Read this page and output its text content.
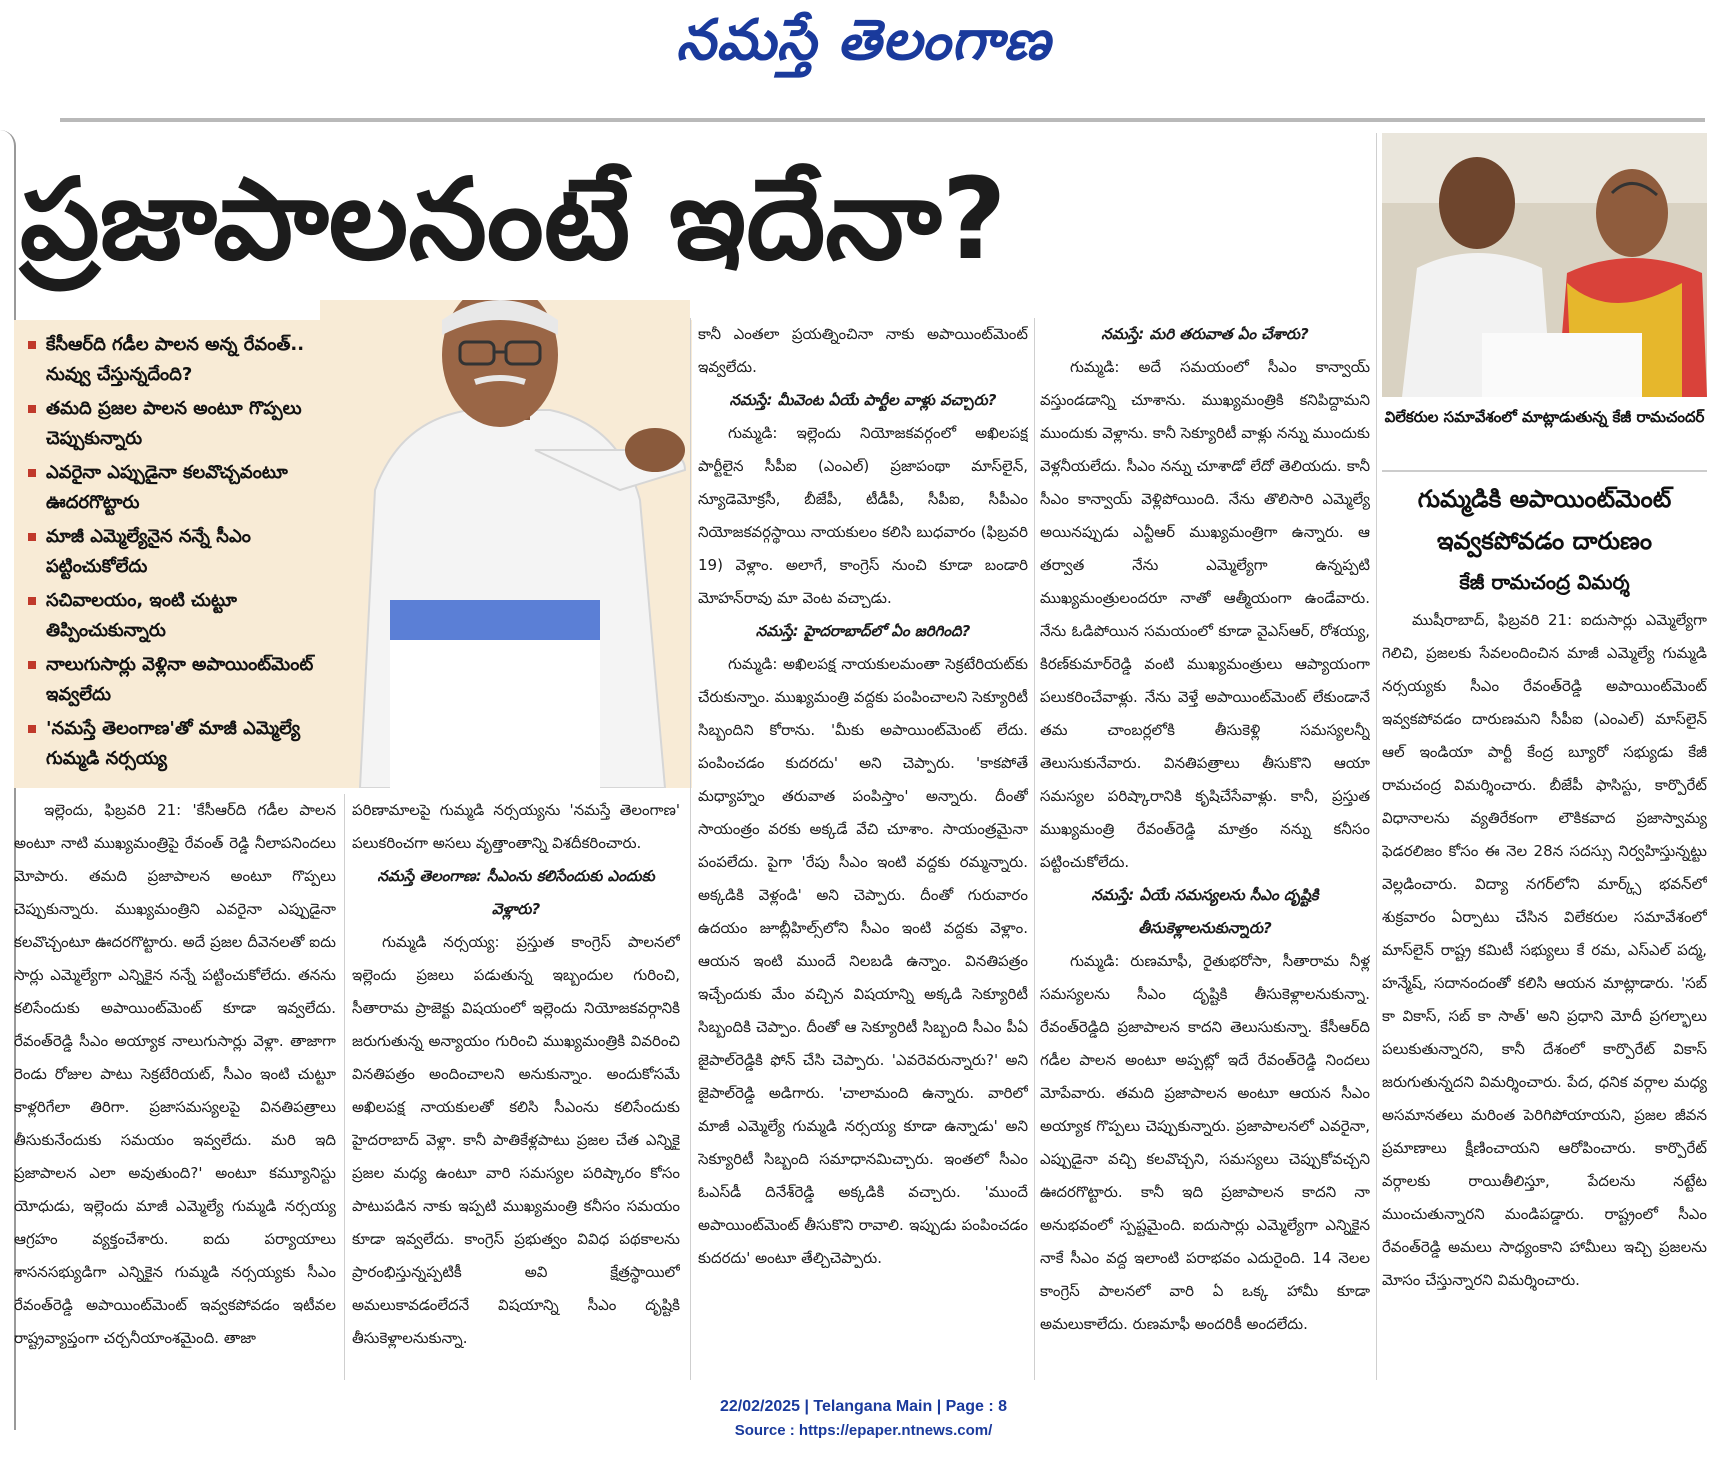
నమస్తే తెలంగాణ
ప్రజాపాలనంటే ఇదేనా?
కేసీఆర్‌ది గడీల పాలన అన్న రేవంత్‌.. నువ్వు చేస్తున్నదేంది?
తమది ప్రజల పాలన అంటూ గొప్పలు చెప్పుకున్నారు
ఎవరైనా ఎప్పుడైనా కలవొచ్చవంటూ ఊదరగొట్టారు
మాజీ ఎమ్మెల్యేనైన నన్నే సీఎం పట్టించుకోలేదు
సచివాలయం, ఇంటి చుట్టూ తిప్పించుకున్నారు
నాలుగుసార్లు వెళ్లినా అపాయింట్‌మెంట్‌ ఇవ్వలేదు
'నమస్తే తెలంగాణ'తో మాజీ ఎమ్మెల్యే గుమ్మడి నర్సయ్య
విలేకరుల సమావేశంలో మాట్లాడుతున్న కేజీ రామచందర్‌
గుమ్మడికి అపాయింట్‌మెంట్‌ ఇవ్వకపోవడం దారుణం
కేజీ రామచంద్ర విమర్శ

ఇల్లెందు, ఫిబ్రవరి 21: 'కేసీఆర్‌ది గడీల పాలన అంటూ నాటి ముఖ్యమంత్రిపై రేవంత్‌ రెడ్డి నీలాపనిందలు మోపారు. తమది ప్రజాపాలన అంటూ గొప్పలు చెప్పుకున్నారు. ముఖ్యమంత్రిని ఎవరైనా ఎప్పుడైనా కలవొచ్చంటూ ఊదరగొట్టారు. అదే ప్రజల దీవెనలతో ఐదు సార్లు ఎమ్మెల్యేగా ఎన్నికైన నన్నే పట్టించుకోలేదు. తనను కలిసేందుకు అపాయింట్‌మెంట్‌ కూడా ఇవ్వలేదు. రేవంత్‌రెడ్డి సీఎం అయ్యాక నాలుగుసార్లు వెళ్లా. తాజాగా రెండు రోజుల పాటు సెక్రటేరియట్‌, సీఎం ఇంటి చుట్టూ కాళ్లరిగేలా తిరిగా. ప్రజాసమస్యలపై వినతిపత్రాలు తీసుకునేందుకు సమయం ఇవ్వలేదు. మరి ఇది ప్రజాపాలన ఎలా అవుతుంది?' అంటూ కమ్యూనిస్టు యోధుడు, ఇల్లెందు మాజీ ఎమ్మెల్యే గుమ్మడి నర్సయ్య ఆగ్రహం వ్యక్తంచేశారు. ఐదు పర్యాయాలు శాసనసభ్యుడిగా ఎన్నికైన గుమ్మడి నర్సయ్యకు సీఎం రేవంత్‌రెడ్డి అపాయింట్‌మెంట్‌ ఇవ్వకపోవడం ఇటీవల రాష్ట్రవ్యాప్తంగా చర్చనీయాంశమైంది. తాజా

పరిణామాలపై గుమ్మడి నర్సయ్యను 'నమస్తే తెలంగాణ' పలుకరించగా అసలు వృత్తాంతాన్ని విశదీకరించారు.

నమస్తే తెలంగాణ: సీఎంను కలిసేందుకు ఎందుకు వెళ్లారు?

గుమ్మడి నర్సయ్య: ప్రస్తుత కాంగ్రెస్‌ పాలనలో ఇల్లెందు ప్రజలు పడుతున్న ఇబ్బందుల గురించి, సీతారామ ప్రాజెక్టు విషయంలో ఇల్లెందు నియోజకవర్గానికి జరుగుతున్న అన్యాయం గురించి ముఖ్యమంత్రికి వివరించి వినతిపత్రం అందించాలని అనుకున్నాం. అందుకోసమే అఖిలపక్ష నాయకులతో కలిసి సీఎంను కలిసేందుకు హైదరాబాద్‌ వెళ్లా. కానీ పాతికేళ్లపాటు ప్రజల చేత ఎన్నికై ప్రజల మధ్య ఉంటూ వారి సమస్యల పరిష్కారం కోసం పాటుపడిన నాకు ఇప్పటి ముఖ్యమంత్రి కనీసం సమయం కూడా ఇవ్వలేదు. కాంగ్రెస్‌ ప్రభుత్వం వివిధ పథకాలను ప్రారంభిస్తున్నప్పటికీ అవి క్షేత్రస్థాయిలో అమలుకావడంలేదనే విషయాన్ని సీఎం దృష్టికి తీసుకెళ్లాలనుకున్నా.

కానీ ఎంతలా ప్రయత్నించినా నాకు అపాయింట్‌మెంట్‌ ఇవ్వలేదు.

నమస్తే: మీవెంట ఏయే పార్టీల వాళ్లు వచ్చారు?

గుమ్మడి: ఇల్లెందు నియోజకవర్గంలో అఖిలపక్ష పార్టీలైన సీపీఐ (ఎంఎల్‌) ప్రజాపంథా మాస్‌లైన్‌, న్యూడెమోక్రసీ, బీజేపీ, టీడీపీ, సీపీఐ, సీపీఎం నియోజకవర్గస్థాయి నాయకులం కలిసి బుధవారం (ఫిబ్రవరి 19) వెళ్లాం. అలాగే, కాంగ్రెస్‌ నుంచి కూడా బండారి మోహన్‌రావు మా వెంట వచ్చాడు.

నమస్తే: హైదరాబాద్‌లో ఏం జరిగింది?

గుమ్మడి: అఖిలపక్ష నాయకులమంతా సెక్రటేరియట్‌కు చేరుకున్నాం. ముఖ్యమంత్రి వద్దకు పంపించాలని సెక్యూరిటీ సిబ్బందిని కోరాను. 'మీకు అపాయింట్‌మెంట్‌ లేదు. పంపించడం కుదరదు' అని చెప్పారు. 'కాకపోతే మధ్యాహ్నం తరువాత పంపిస్తాం' అన్నారు. దీంతో సాయంత్రం వరకు అక్కడే వేచి చూశాం. సాయంత్రమైనా పంపలేదు. పైగా 'రేపు సీఎం ఇంటి వద్దకు రమ్మన్నారు. అక్కడికి వెళ్లండి' అని చెప్పారు. దీంతో గురువారం ఉదయం జూబ్లీహిల్స్‌లోని సీఎం ఇంటి వద్దకు వెళ్లాం. ఆయన ఇంటి ముందే నిలబడి ఉన్నాం. వినతిపత్రం ఇచ్చేందుకు మేం వచ్చిన విషయాన్ని అక్కడి సెక్యూరిటీ సిబ్బందికి చెప్పాం. దీంతో ఆ సెక్యూరిటీ సిబ్బంది సీఎం పీఏ జైపాల్‌రెడ్డికి ఫోన్‌ చేసి చెప్పారు. 'ఎవరెవరున్నారు?' అని జైపాల్‌రెడ్డి అడిగారు. 'చాలామంది ఉన్నారు. వారిలో మాజీ ఎమ్మెల్యే గుమ్మడి నర్సయ్య కూడా ఉన్నాడు' అని సెక్యూరిటీ సిబ్బంది సమాధానమిచ్చారు. ఇంతలో సీఎం ఓఎస్‌డీ దినేశ్‌రెడ్డి అక్కడికి వచ్చారు. 'ముందే అపాయింట్‌మెంట్‌ తీసుకొని రావాలి. ఇప్పుడు పంపించడం కుదరదు' అంటూ తేల్చిచెప్పారు.

నమస్తే: మరి తరువాత ఏం చేశారు?

గుమ్మడి: అదే సమయంలో సీఎం కాన్వాయ్‌ వస్తుండడాన్ని చూశాను. ముఖ్యమంత్రికి కనిపిద్దామని ముందుకు వెళ్లాను. కానీ సెక్యూరిటీ వాళ్లు నన్ను ముందుకు వెళ్లనీయలేదు. సీఎం నన్ను చూశాడో లేదో తెలియదు. కానీ సీఎం కాన్వాయ్‌ వెళ్లిపోయింది. నేను తొలిసారి ఎమ్మెల్యే అయినప్పుడు ఎన్టీఆర్‌ ముఖ్యమంత్రిగా ఉన్నారు. ఆ తర్వాత నేను ఎమ్మెల్యేగా ఉన్నప్పటి ముఖ్యమంత్రులందరూ నాతో ఆత్మీయంగా ఉండేవారు. నేను ఓడిపోయిన సమయంలో కూడా వైఎస్‌ఆర్‌, రోశయ్య, కిరణ్‌కుమార్‌రెడ్డి వంటి ముఖ్యమంత్రులు ఆప్యాయంగా పలుకరించేవాళ్లు. నేను వెళ్తే అపాయింట్‌మెంట్‌ లేకుండానే తమ చాంబర్లలోకి తీసుకెళ్లి సమస్యలన్నీ తెలుసుకునేవారు. వినతిపత్రాలు తీసుకొని ఆయా సమస్యల పరిష్కారానికి కృషిచేసేవాళ్లు. కానీ, ప్రస్తుత ముఖ్యమంత్రి రేవంత్‌రెడ్డి మాత్రం నన్ను కనీసం పట్టించుకోలేదు.

నమస్తే: ఏయే సమస్యలను సీఎం దృష్టికి తీసుకెళ్లాలనుకున్నారు?

గుమ్మడి: రుణమాఫీ, రైతుభరోసా, సీతారామ నీళ్ల సమస్యలను సీఎం దృష్టికి తీసుకెళ్లాలనుకున్నా. రేవంత్‌రెడ్డిది ప్రజాపాలన కాదని తెలుసుకున్నా. కేసీఆర్‌ది గడీల పాలన అంటూ అప్పట్లో ఇదే రేవంత్‌రెడ్డి నిందలు మోపేవారు. తమది ప్రజాపాలన అంటూ ఆయన సీఎం అయ్యాక గొప్పలు చెప్పుకున్నారు. ప్రజాపాలనలో ఎవరైనా, ఎప్పుడైనా వచ్చి కలవొచ్చని, సమస్యలు చెప్పుకోవచ్చని ఊదరగొట్టారు. కానీ ఇది ప్రజాపాలన కాదని నా అనుభవంలో స్పష్టమైంది. ఐదుసార్లు ఎమ్మెల్యేగా ఎన్నికైన నాకే సీఎం వద్ద ఇలాంటి పరాభవం ఎదురైంది. 14 నెలల కాంగ్రెస్‌ పాలనలో వారి ఏ ఒక్క హామీ కూడా అమలుకాలేదు. రుణమాఫీ అందరికీ అందలేదు.

ముషీరాబాద్‌, ఫిబ్రవరి 21: ఐదుసార్లు ఎమ్మెల్యేగా గెలిచి, ప్రజలకు సేవలందించిన మాజీ ఎమ్మెల్యే గుమ్మడి నర్సయ్యకు సీఎం రేవంత్‌రెడ్డి అపాయింట్‌మెంట్‌ ఇవ్వకపోవడం దారుణమని సీపీఐ (ఎంఎల్‌) మాస్‌లైన్‌ ఆల్‌ ఇండియా పార్టీ కేంద్ర బ్యూరో సభ్యుడు కేజీ రామచంద్ర విమర్శించారు. బీజేపీ ఫాసిస్టు, కార్పొరేట్‌ విధానాలను వ్యతిరేకంగా లౌకికవాద ప్రజాస్వామ్య ఫెడరలిజం కోసం ఈ నెల 28న సదస్సు నిర్వహిస్తున్నట్టు వెల్లడించారు. విద్యా నగర్‌లోని మార్క్స్‌ భవన్‌లో శుక్రవారం ఏర్పాటు చేసిన విలేకరుల సమావేశంలో మాస్‌లైన్‌ రాష్ట్ర కమిటీ సభ్యులు కే రమ, ఎస్‌ఎల్‌ పద్మ, హన్మేష్‌, సదానందంతో కలిసి ఆయన మాట్లాడారు. 'సబ్‌ కా వికాస్‌, సబ్‌ కా సాత్‌' అని ప్రధాని మోదీ ప్రగల్భాలు పలుకుతున్నారని, కానీ దేశంలో కార్పొరేట్‌ వికాస్‌ జరుగుతున్నదని విమర్శించారు. పేద, ధనిక వర్గాల మధ్య అసమానతలు మరింత పెరిగిపోయాయని, ప్రజల జీవన ప్రమాణాలు క్షీణించాయని ఆరోపించారు. కార్పొరేట్‌ వర్గాలకు రాయితీలిస్తూ, పేదలను నట్టేట ముంచుతున్నారని మండిపడ్డారు. రాష్ట్రంలో సీఎం రేవంత్‌రెడ్డి అమలు సాధ్యంకాని హామీలు ఇచ్చి ప్రజలను మోసం చేస్తున్నారని విమర్శించారు.

22/02/2025 | Telangana Main | Page : 8
Source : https://epaper.ntnews.com/
